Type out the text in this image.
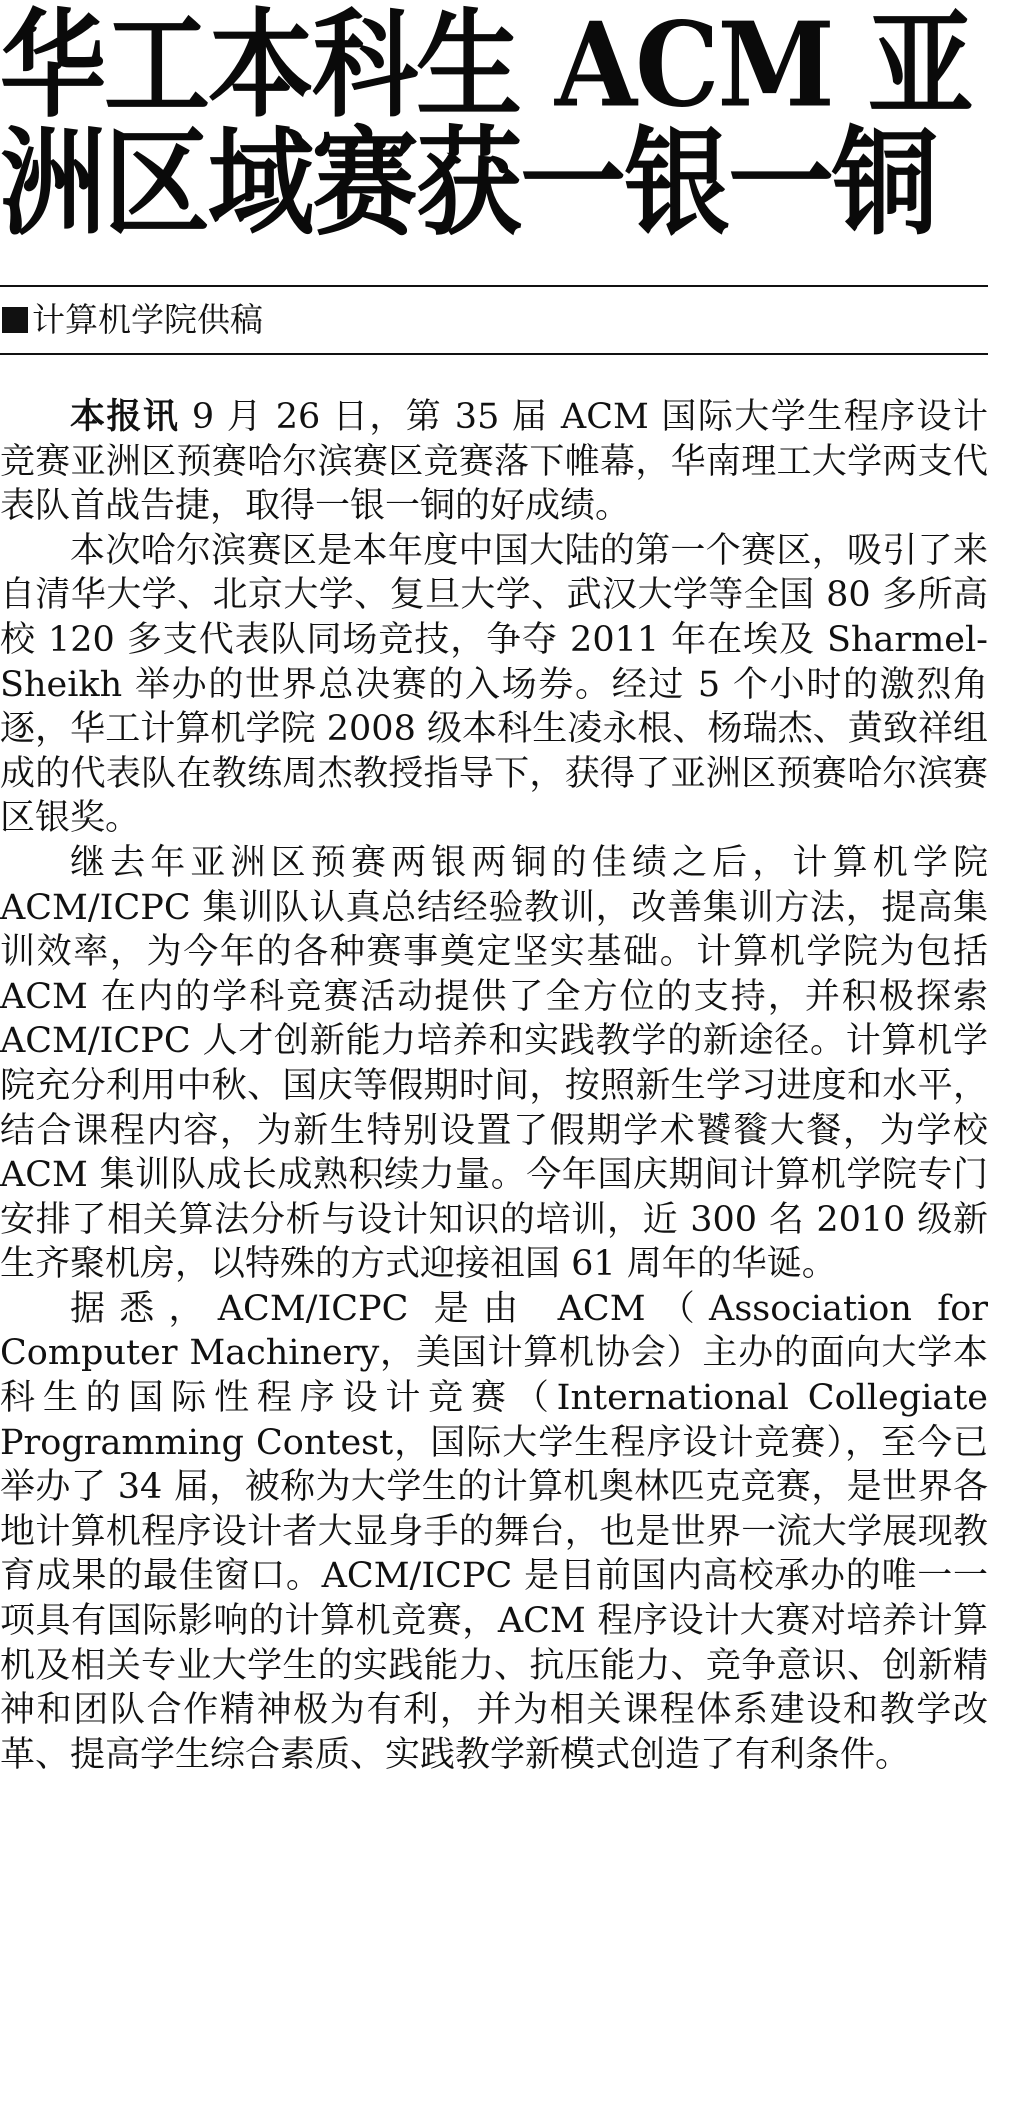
华工本科生 ACM 亚
洲区域赛获一银一铜
计算机学院供稿

本报讯 9 月 26 日，第 35 届 ACM 国际大学生程序设计竞赛亚洲区预赛哈尔滨赛区竞赛落下帷幕，华南理工大学两支代表队首战告捷，取得一银一铜的好成绩。

本次哈尔滨赛区是本年度中国大陆的第一个赛区，吸引了来自清华大学、北京大学、复旦大学、武汉大学等全国 80 多所高校 120 多支代表队同场竞技，争夺 2011 年在埃及 Sharmel-Sheikh 举办的世界总决赛的入场券。经过 5 个小时的激烈角逐，华工计算机学院 2008 级本科生凌永根、杨瑞杰、黄致祥组成的代表队在教练周杰教授指导下，获得了亚洲区预赛哈尔滨赛区银奖。

继去年亚洲区预赛两银两铜的佳绩之后，计算机学院 ACM/ICPC 集训队认真总结经验教训，改善集训方法，提高集训效率，为今年的各种赛事奠定坚实基础。计算机学院为包括 ACM 在内的学科竞赛活动提供了全方位的支持，并积极探索 ACM/ICPC 人才创新能力培养和实践教学的新途径。计算机学院充分利用中秋、国庆等假期时间，按照新生学习进度和水平，结合课程内容，为新生特别设置了假期学术饕餮大餐，为学校 ACM 集训队成长成熟积续力量。今年国庆期间计算机学院专门安排了相关算法分析与设计知识的培训，近 300 名 2010 级新生齐聚机房，以特殊的方式迎接祖国 61 周年的华诞。

据悉，ACM/ICPC 是由 ACM（Association for Computer Machinery，美国计算机协会）主办的面向大学本科生的国际性程序设计竞赛（International Collegiate Programming Contest，国际大学生程序设计竞赛），至今已举办了 34 届，被称为大学生的计算机奥林匹克竞赛，是世界各地计算机程序设计者大显身手的舞台，也是世界一流大学展现教育成果的最佳窗口。ACM/ICPC 是目前国内高校承办的唯一一项具有国际影响的计算机竞赛，ACM 程序设计大赛对培养计算机及相关专业大学生的实践能力、抗压能力、竞争意识、创新精神和团队合作精神极为有利，并为相关课程体系建设和教学改革、提高学生综合素质、实践教学新模式创造了有利条件。
